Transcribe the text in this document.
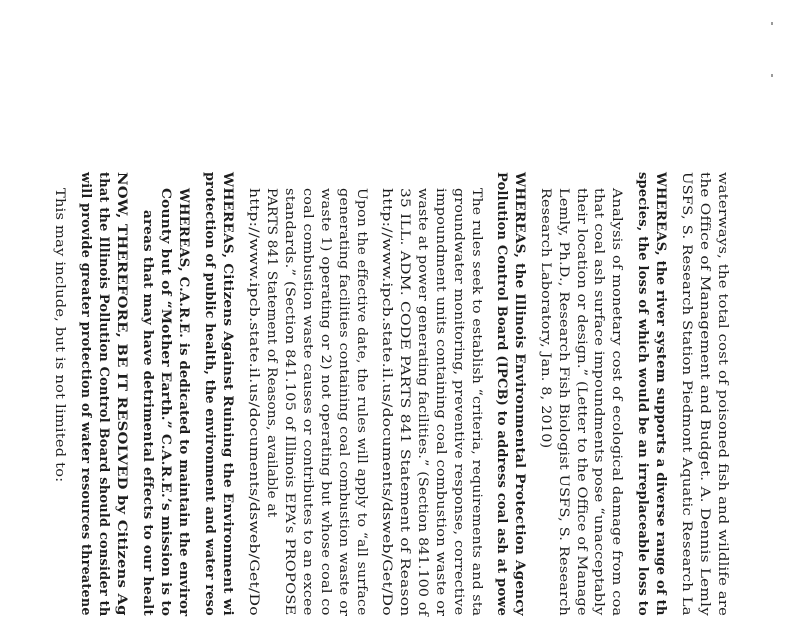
waterways, the total cost of poisoned fish and wildlife are
the Office of Management and Budget. A. Dennis Lemly
USFS, S. Research Station Piedmont Aquatic Research La
WHEREAS, the river system supports a diverse range of th
species, the loss of which would be an irreplaceable loss to
Analysis of monetary cost of ecological damage from coa
that coal ash surface impoundments pose “unacceptably
their location or design.” (Letter to the Office of Manage
Lemly, Ph.D., Research Fish Biologist USFS, S. Research
Research Laboratory, Jan. 8, 2010)
WHEREAS, the Illinois Environmental Protection Agency
Pollution Control Board (IPCB) to address coal ash at powe
The rules seek to establish “criteria, requirements and sta
groundwater monitoring, preventive response, corrective
impoundment units containing coal combustion waste or
waste at power generating facilities.” (Section 841.100 of
35 ILL. ADM. CODE PARTS 841 Statement of Reason
http://www.ipcb.state.il.us/documents/dsweb/Get/Do
Upon the effective date, the rules will apply to “all surface
generating facilities containing coal combustion waste or
waste 1) operating or 2) not operating but whose coal co
coal combustion waste causes or contributes to an excee
standards.” (Section 841.105 of Illinois EPA’s PROPOSE
PARTS 841 Statement of Reasons, available at
http://www.ipcb.state.il.us/documents/dsweb/Get/Do
WHEREAS, Citizens Against Ruining the Environment wi
protection of public health, the environment and water reso
WHEREAS, C.A.R.E. is dedicated to maintain the enviror
County but of “Mother Earth.” C.A.R.E.’s mission is to
areas that may have detrimental effects to our healt
NOW, THEREFORE, BE IT RESOLVED by Citizens Ag
that the Illinois Pollution Control Board should consider th
will provide greater protection of water resources threatene
This may include, but is not limited to:
